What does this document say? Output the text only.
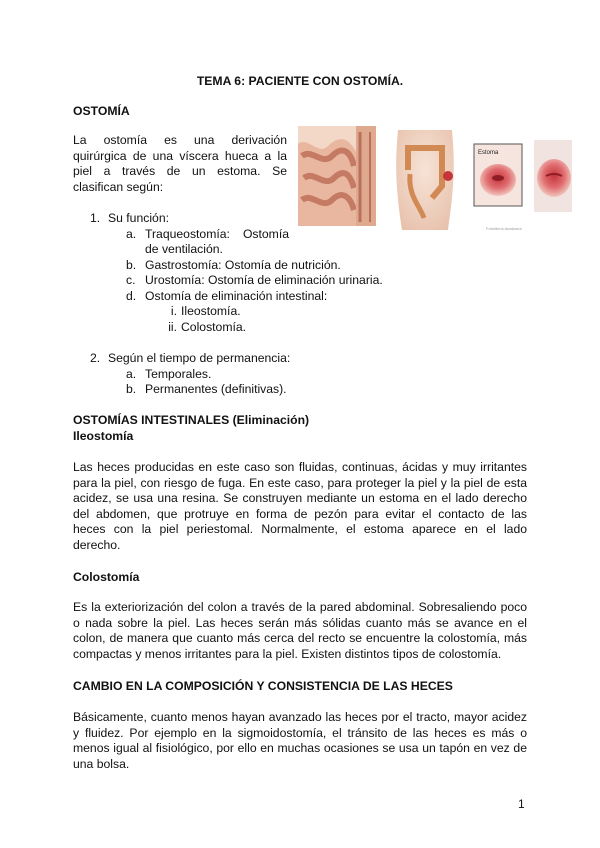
TEMA 6: PACIENTE CON OSTOMÍA.
OSTOMÍA
La ostomía es una derivación
quirúrgica de una víscera hueca a la
piel a través de un estoma. Se
clasifican según:
1. Su función:
a. Traqueostomía: Ostomía
de ventilación.
b. Gastrostomía: Ostomía de nutrición.
c. Urostomía: Ostomía de eliminación urinaria.
d. Ostomía de eliminación intestinal:
i. Ileostomía.
ii. Colostomía.
2. Según el tiempo de permanencia:
a. Temporales.
b. Permanentes (definitivas).
Estoma
Fotolibros Anatomía
OSTOMÍAS INTESTINALES (Eliminación)
Ileostomía
Las heces producidas en este caso son fluidas, continuas, ácidas y muy irritantes
para la piel, con riesgo de fuga. En este caso, para proteger la piel y la piel de esta
acidez, se usa una resina. Se construyen mediante un estoma en el lado derecho
del abdomen, que protruye en forma de pezón para evitar el contacto de las
heces con la piel periestomal. Normalmente, el estoma aparece en el lado
derecho.
Colostomía
Es la exteriorización del colon a través de la pared abdominal. Sobresaliendo poco
o nada sobre la piel. Las heces serán más sólidas cuanto más se avance en el
colon, de manera que cuanto más cerca del recto se encuentre la colostomía, más
compactas y menos irritantes para la piel. Existen distintos tipos de colostomía.
CAMBIO EN LA COMPOSICIÓN Y CONSISTENCIA DE LAS HECES
Básicamente, cuanto menos hayan avanzado las heces por el tracto, mayor acidez
y fluidez. Por ejemplo en la sigmoidostomía, el tránsito de las heces es más o
menos igual al fisiológico, por ello en muchas ocasiones se usa un tapón en vez de
una bolsa.
1
